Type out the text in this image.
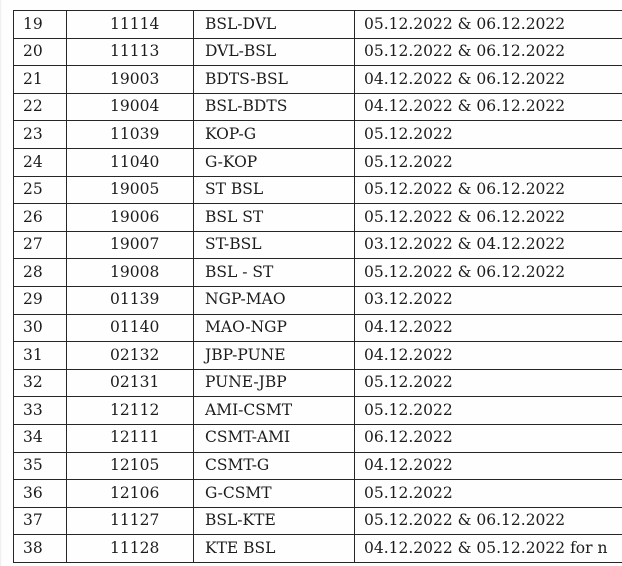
19	11114	BSL-DVL	05.12.2022 & 06.12.2022
20	11113	DVL-BSL	05.12.2022 & 06.12.2022
21	19003	BDTS-BSL	04.12.2022 & 06.12.2022
22	19004	BSL-BDTS	04.12.2022 & 06.12.2022
23	11039	KOP-G	05.12.2022
24	11040	G-KOP	05.12.2022
25	19005	ST BSL	05.12.2022 & 06.12.2022
26	19006	BSL ST	05.12.2022 & 06.12.2022
27	19007	ST-BSL	03.12.2022 & 04.12.2022
28	19008	BSL - ST	05.12.2022 & 06.12.2022
29	01139	NGP-MAO	03.12.2022
30	01140	MAO-NGP	04.12.2022
31	02132	JBP-PUNE	04.12.2022
32	02131	PUNE-JBP	05.12.2022
33	12112	AMI-CSMT	05.12.2022
34	12111	CSMT-AMI	06.12.2022
35	12105	CSMT-G	04.12.2022
36	12106	G-CSMT	05.12.2022
37	11127	BSL-KTE	05.12.2022 & 06.12.2022
38	11128	KTE BSL	04.12.2022 & 05.12.2022 for n
